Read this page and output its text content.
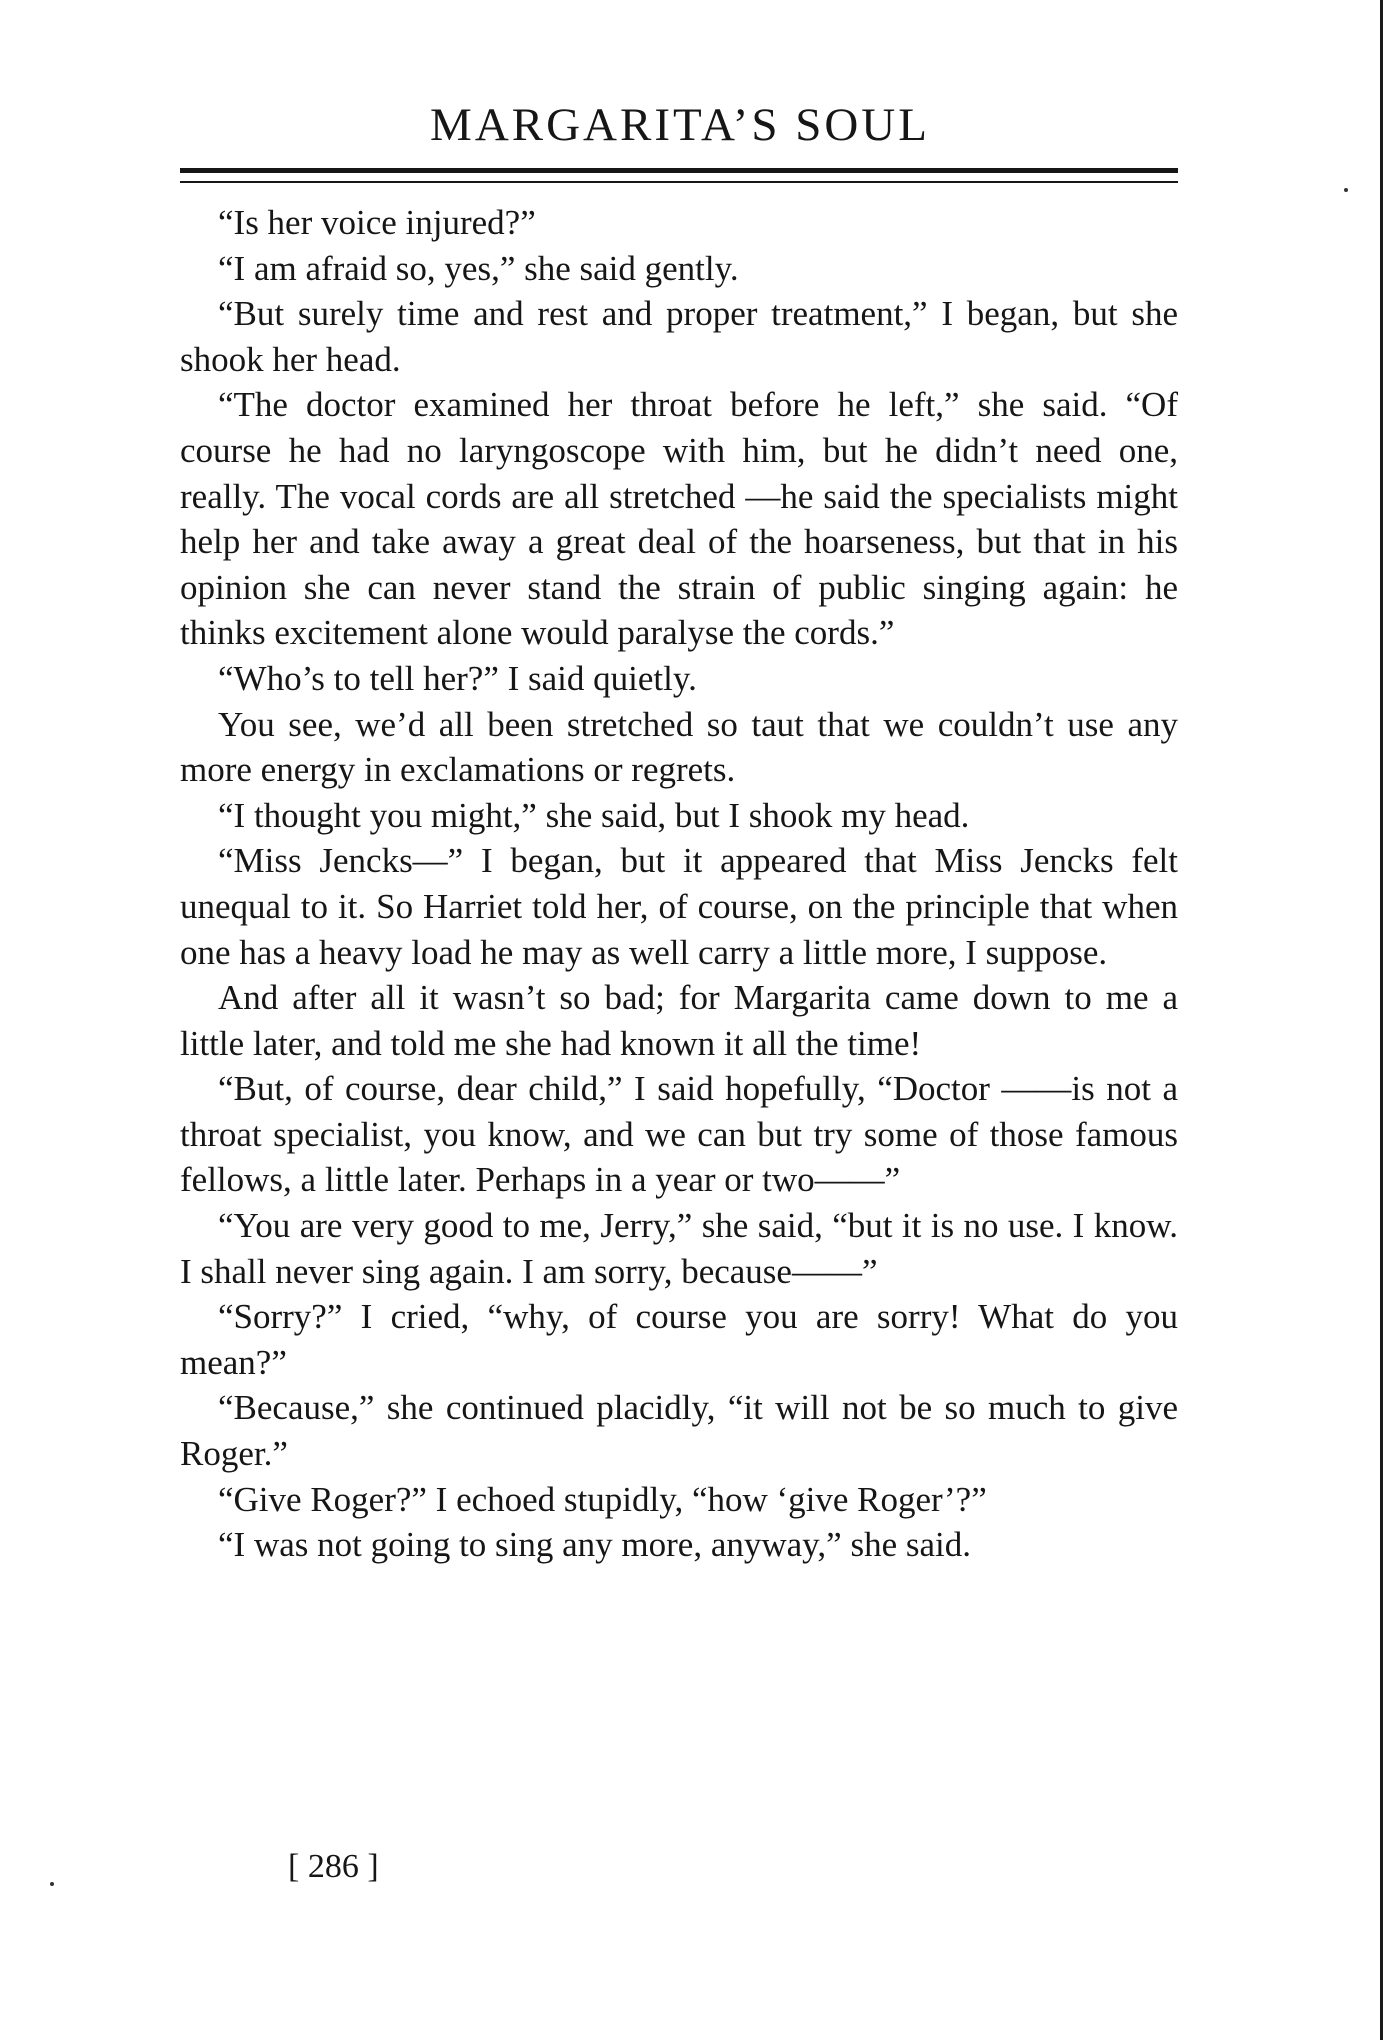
MARGARITA’S SOUL

“Is her voice injured?”

“I am afraid so, yes,” she said gently.

“But surely time and rest and proper treatment,” I began, but she shook her head.

“The doctor examined her throat before he left,” she said. “Of course he had no laryngoscope with him, but he didn’t need one, really. The vocal cords are all stretched —he said the specialists might help her and take away a great deal of the hoarseness, but that in his opinion she can never stand the strain of public singing again: he thinks excitement alone would paralyse the cords.”

“Who’s to tell her?” I said quietly.

You see, we’d all been stretched so taut that we couldn’t use any more energy in exclamations or regrets.

“I thought you might,” she said, but I shook my head.

“Miss Jencks—” I began, but it appeared that Miss Jencks felt unequal to it. So Harriet told her, of course, on the principle that when one has a heavy load he may as well carry a little more, I suppose.

And after all it wasn’t so bad; for Margarita came down to me a little later, and told me she had known it all the time!

“But, of course, dear child,” I said hopefully, “Doctor ——is not a throat specialist, you know, and we can but try some of those famous fellows, a little later. Perhaps in a year or two——”

“You are very good to me, Jerry,” she said, “but it is no use. I know. I shall never sing again. I am sorry, because——”

“Sorry?” I cried, “why, of course you are sorry! What do you mean?”

“Because,” she continued placidly, “it will not be so much to give Roger.”

“Give Roger?” I echoed stupidly, “how ‘give Roger’?”

“I was not going to sing any more, anyway,” she said.

[ 286 ]
